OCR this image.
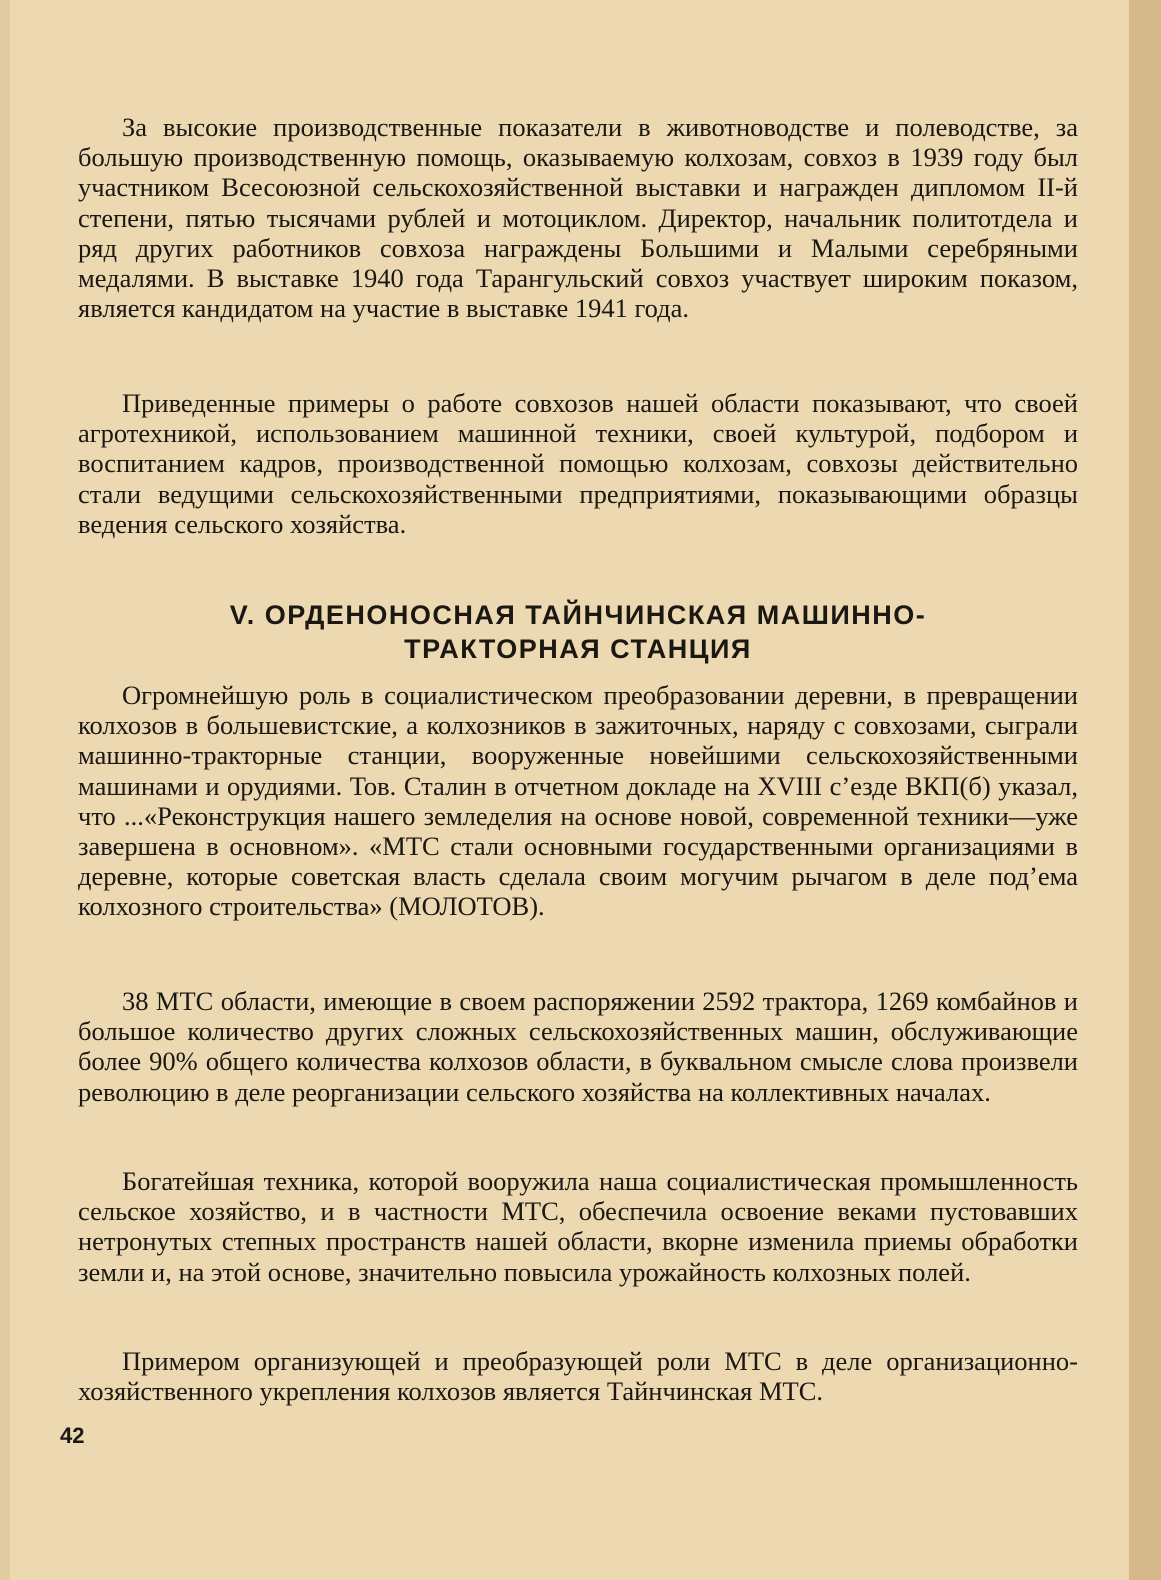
За высокие производственные показатели в животноводстве и полеводстве, за большую производственную помощь, оказываемую колхозам, совхоз в 1939 году был участником Всесоюзной сельскохозяйственной выставки и награжден дипломом II-й степени, пятью тысячами рублей и мотоциклом. Директор, начальник политотдела и ряд других работников совхоза награждены Большими и Малыми серебряными медалями. В выставке 1940 года Тарангульский совхоз участвует широким показом, является кандидатом на участие в выставке 1941 года.

Приведенные примеры о работе совхозов нашей области показывают, что своей агротехникой, использованием машинной техники, своей культурой, подбором и воспитанием кадров, производственной помощью колхозам, совхозы действительно стали ведущими сельскохозяйственными предприятиями, показывающими образцы ведения сельского хозяйства.

V. ОРДЕНОНОСНАЯ ТАЙНЧИНСКАЯ МАШИННО-
ТРАКТОРНАЯ СТАНЦИЯ

Огромнейшую роль в социалистическом преобразовании деревни, в превращении колхозов в большевистские, а колхозников в зажиточных, наряду с совхозами, сыграли машинно-тракторные станции, вооруженные новейшими сельскохозяйственными машинами и орудиями. Тов. Сталин в отчетном докладе на XVIII с’езде ВКП(б) указал, что ...«Реконструкция нашего земледелия на основе новой, современной техники—уже завершена в основном». «МТС стали основными государственными организациями в деревне, которые советская власть сделала своим могучим рычагом в деле под’ема колхозного строительства» (МОЛОТОВ).

38 МТС области, имеющие в своем распоряжении 2592 трактора, 1269 комбайнов и большое количество других сложных сельскохозяйственных машин, обслуживающие более 90% общего количества колхозов области, в буквальном смысле слова произвели революцию в деле реорганизации сельского хозяйства на коллективных началах.

Богатейшая техника, которой вооружила наша социалистическая промышленность сельское хозяйство, и в частности МТС, обеспечила освоение веками пустовавших нетронутых степных пространств нашей области, вкорне изменила приемы обработки земли и, на этой основе, значительно повысила урожайность колхозных полей.

Примером организующей и преобразующей роли МТС в деле организационно-хозяйственного укрепления колхозов является Тайнчинская МТС.

42
